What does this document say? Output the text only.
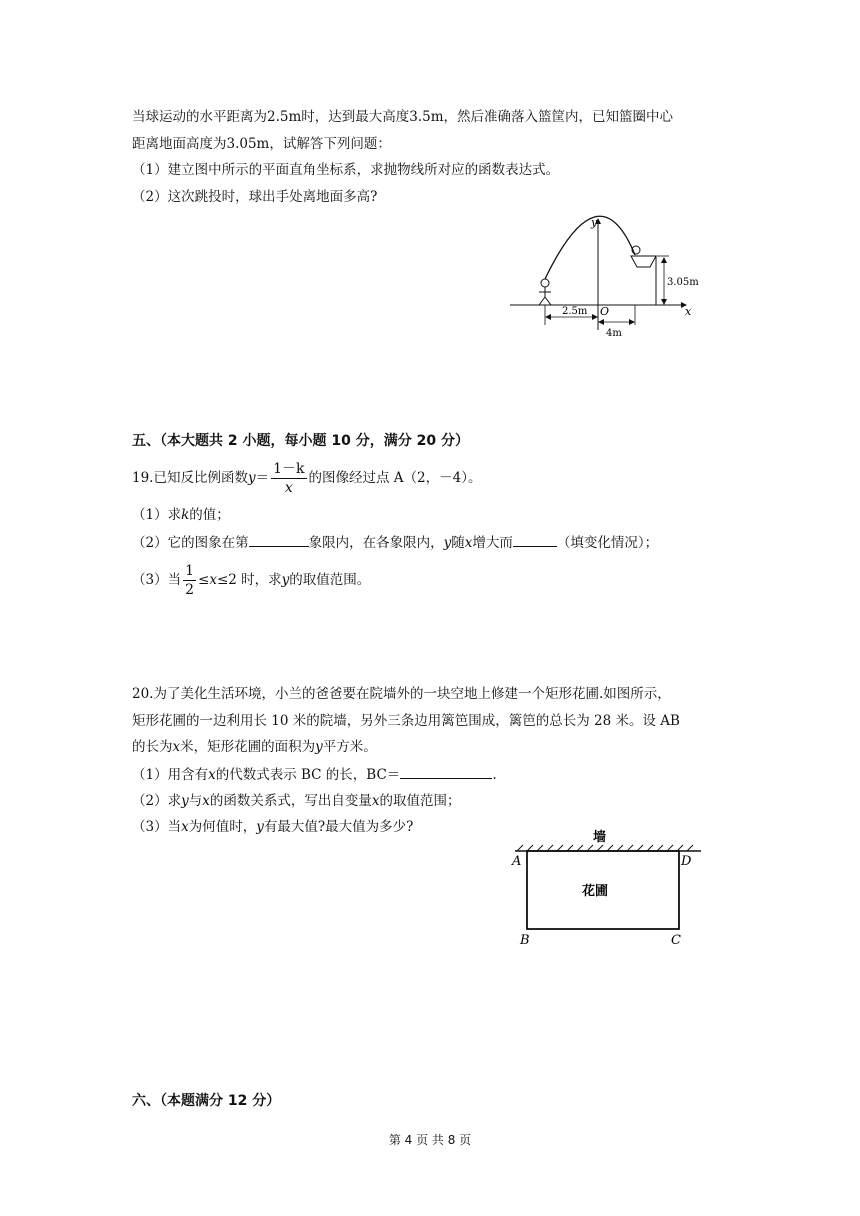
当球运动的水平距离为2.5m时，达到最大高度3.5m，然后准确落入篮筐内，已知篮圈中心
距离地面高度为3.05m，试解答下列问题：
（1）建立图中所示的平面直角坐标系，求抛物线所对应的函数表达式。
（2）这次跳投时，球出手处离地面多高?
y
x
O
2.5m
4m
3.05m
五、（本大题共 2 小题，每小题 10 分，满分 20 分）
19.已知反比例函数$y= \frac{1-k}{x}$ 的图像经过点 A（2，－4）。
（1）求k的值；
（2）它的图象在第	象限内，在各象限内，y随x增大而	（填变化情况）；
（3）当 $\frac{1}{2} \le x\le 2$ 时，求y的取值范围。
20.为了美化生活环境，小兰的爸爸要在院墙外的一块空地上修建一个矩形花圃.如图所示，
矩形花圃的一边利用长 10 米的院墙，另外三条边用篱笆围成，篱笆的总长为 28 米。设 AB
的长为x米，矩形花圃的面积为y平方米。
（1）用含有x的代数式表示 BC 的长，BC＝	.
（2）求y与x的函数关系式，写出自变量x的取值范围；
（3）当x为何值时，y有最大值?最大值为多少?
墙
花圃
A	D
B	C
六、（本题满分 12 分）
第 4 页 共 8 页
